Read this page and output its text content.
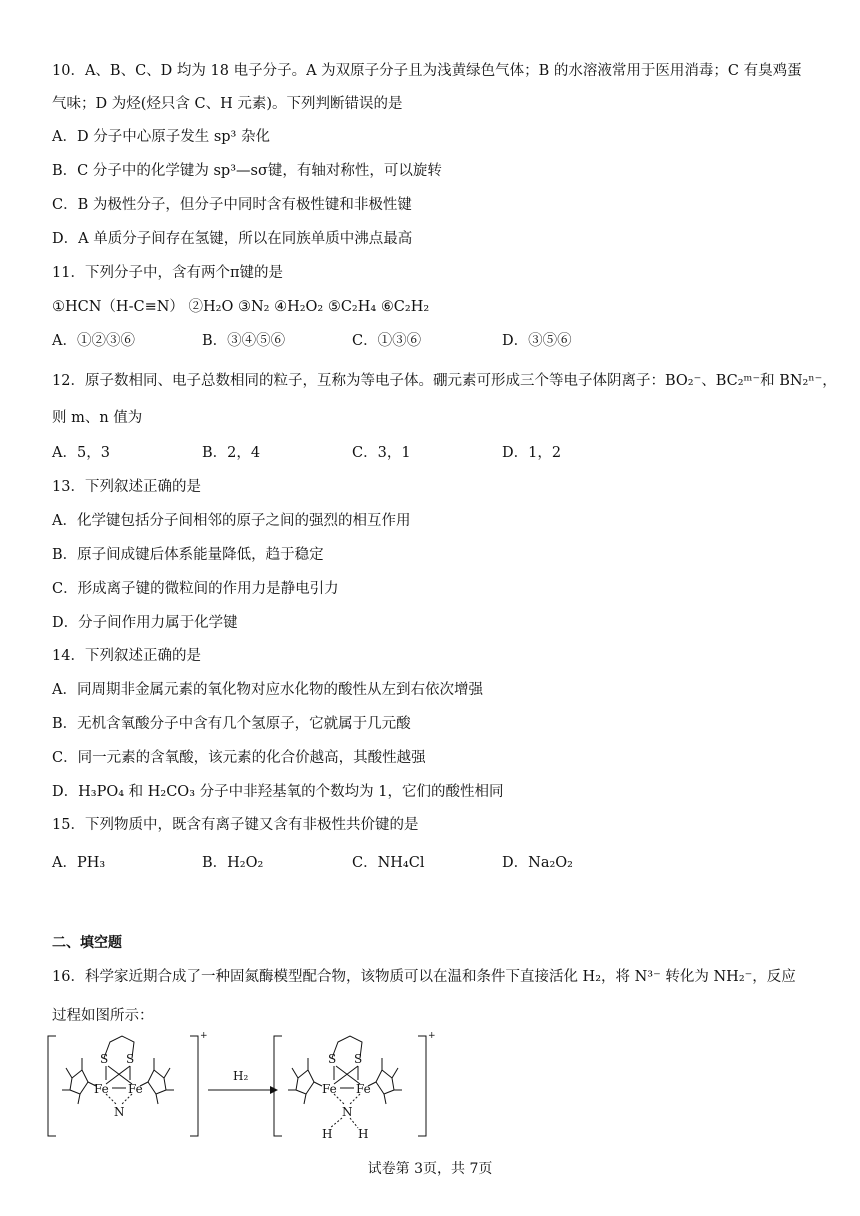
10．A、B、C、D 均为 18 电子分子。A 为双原子分子且为浅黄绿色气体；B 的水溶液常用于医用消毒；C 有臭鸡蛋
气味；D 为烃(烃只含 C、H 元素)。下列判断错误的是
A．D 分子中心原子发生 sp³ 杂化
B．C 分子中的化学键为 sp³—sσ键，有轴对称性，可以旋转
C．B 为极性分子，但分子中同时含有极性键和非极性键
D．A 单质分子间存在氢键，所以在同族单质中沸点最高
11．下列分子中，含有两个π键的是
①HCN（H-C≡N） ②H₂O ③N₂ ④H₂O₂ ⑤C₂H₄ ⑥C₂H₂
A．①②③⑥	B．③④⑤⑥	C．①③⑥	D．③⑤⑥
12．原子数相同、电子总数相同的粒子，互称为等电子体。硼元素可形成三个等电子体阴离子：BO₂⁻、BC₂ᵐ⁻和 BN₂ⁿ⁻，
则 m、n 值为
A．5，3	B．2，4	C．3，1	D．1，2
13．下列叙述正确的是
A．化学键包括分子间相邻的原子之间的强烈的相互作用
B．原子间成键后体系能量降低，趋于稳定
C．形成离子键的微粒间的作用力是静电引力
D．分子间作用力属于化学键
14．下列叙述正确的是
A．同周期非金属元素的氧化物对应水化物的酸性从左到右依次增强
B．无机含氧酸分子中含有几个氢原子，它就属于几元酸
C．同一元素的含氧酸，该元素的化合价越高，其酸性越强
D．H₃PO₄ 和 H₂CO₃ 分子中非羟基氧的个数均为 1，它们的酸性相同
15．下列物质中，既含有离子键又含有非极性共价键的是
A．PH₃	B．H₂O₂	C．NH₄Cl	D．Na₂O₂
二、填空题
16．科学家近期合成了一种固氮酶模型配合物，该物质可以在温和条件下直接活化 H₂，将 N³⁻ 转化为 NH₂⁻，反应
过程如图所示：
S S
Fe Fe
N
+
H₂
S S
Fe Fe
N
H H
+
试卷第 3页，共 7页
